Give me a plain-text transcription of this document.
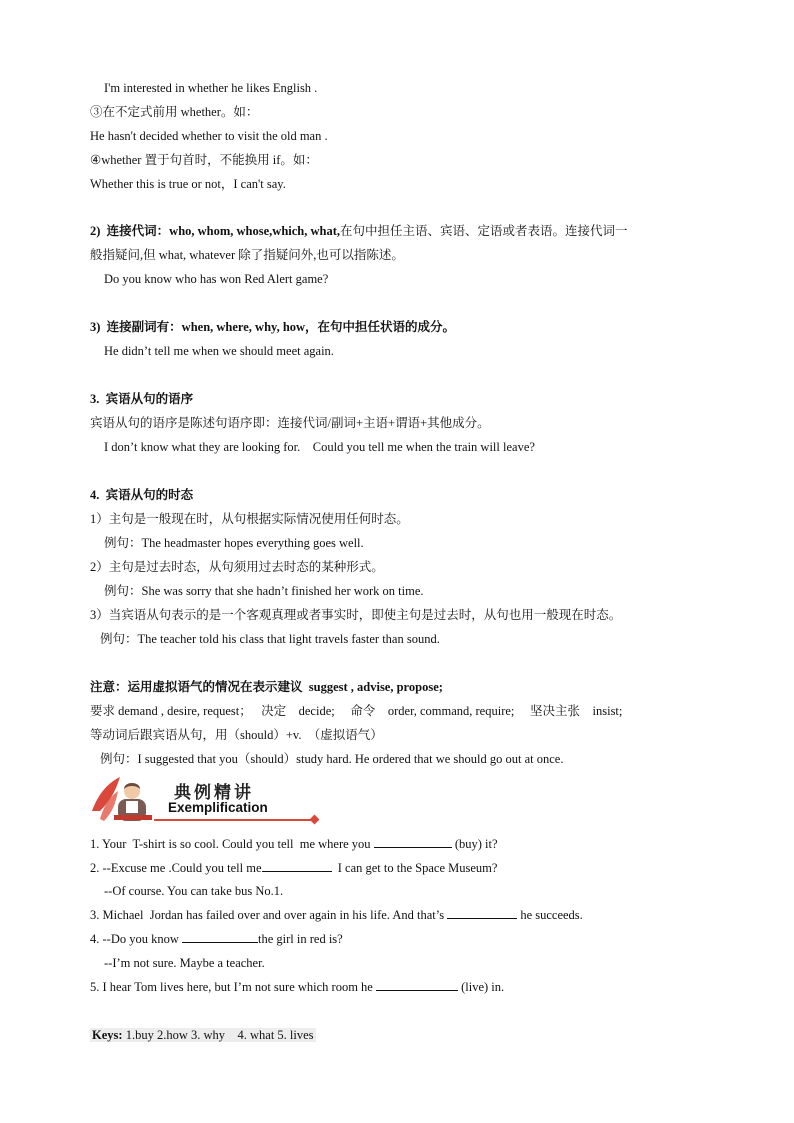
I'm interested in whether he likes English .
③在不定式前用 whether。如：
He hasn't decided whether to visit the old man .
④whether 置于句首时，不能换用 if。如：
Whether this is true or not，I can't say.
2)  连接代词：who, whom, whose,which, what,在句中担任主语、宾语、定语或者表语。连接代词一
般指疑问,但 what, whatever 除了指疑问外,也可以指陈述。
Do you know who has won Red Alert game?
3)  连接副词有：when, where, why, how，在句中担任状语的成分。
He didn’t tell me when we should meet again.
3.  宾语从句的语序
宾语从句的语序是陈述句语序即：连接代词/副词+主语+谓语+其他成分。
I don’t know what they are looking for.    Could you tell me when the train will leave?
4.  宾语从句的时态
1）主句是一般现在时，从句根据实际情况使用任何时态。
例句：The headmaster hopes everything goes well.
2）主句是过去时态，从句须用过去时态的某种形式。
例句：She was sorry that she hadn’t finished her work on time.
3）当宾语从句表示的是一个客观真理或者事实时，即使主句是过去时，从句也用一般现在时态。
例句：The teacher told his class that light travels faster than sound.
注意：运用虚拟语气的情况在表示建议  suggest , advise, propose;
要求 demand , desire, request；   决定    decide;     命令    order, command, require;     坚决主张    insist;
等动词后跟宾语从句，用（should）+v.  （虚拟语气）
例句：I suggested that you（should）study hard. He ordered that we should go out at once.
典例精讲
Exemplification
1. Your  T-shirt is so cool. Could you tell  me where you	(buy) it?
2. --Excuse me .Could you tell me	I can get to the Space Museum?
--Of course. You can take bus No.1.
3. Michael  Jordan has failed over and over again in his life. And that’s	he succeeds.
4. --Do you know	the girl in red is?
--I’m not sure. Maybe a teacher.
5. I hear Tom lives here, but I’m not sure which room he	(live) in.
Keys: 1.buy 2.how 3. why    4. what 5. lives
